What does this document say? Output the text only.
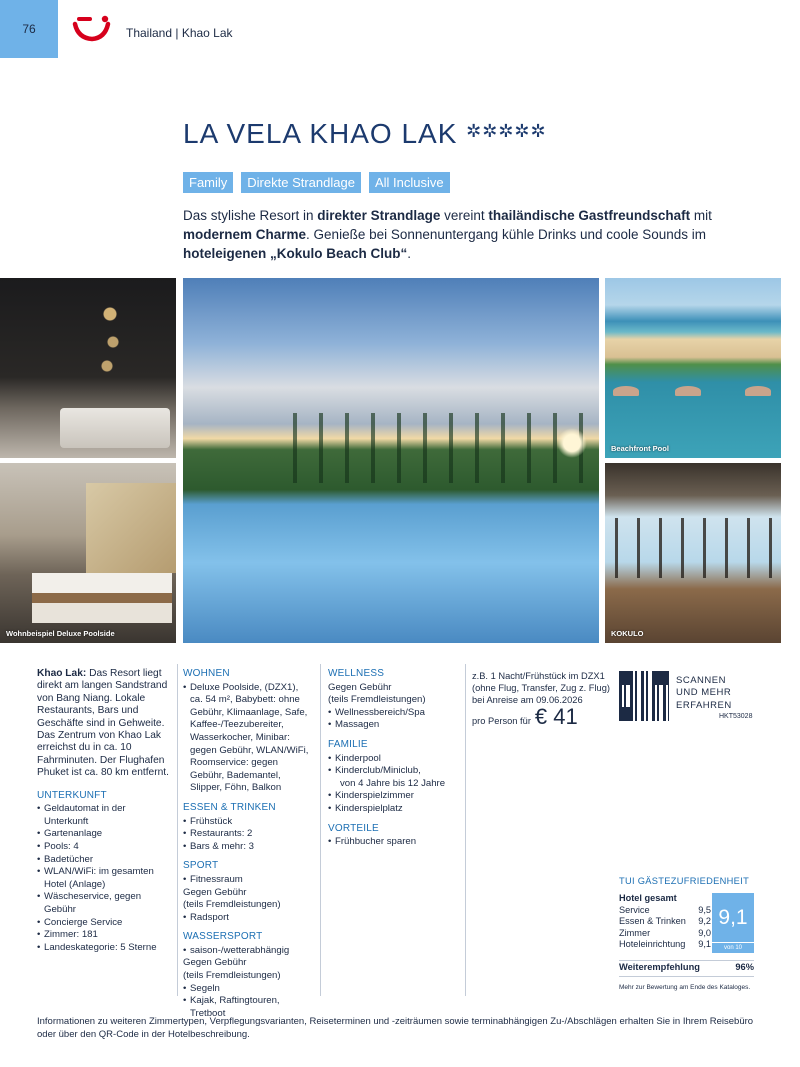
76	Thailand | Khao Lak
LA VELA KHAO LAK ✲✲✲✲✲
Family	Direkte Strandlage	All Inclusive

Das stylishe Resort in direkter Strandlage vereint thailändische Gastfreundschaft mit modernem Charme. Genieße bei Sonnenuntergang kühle Drinks und coole Sounds im hoteleigenen „Kokulo Beach Club“.

Wohnbeispiel Deluxe Poolside
Beachfront Pool
KOKULO

Khao Lak: Das Resort liegt direkt am langen Sandstrand von Bang Niang. Lokale Restaurants, Bars und Geschäfte sind in Gehweite. Das Zentrum von Khao Lak erreichst du in ca. 10 Fahrminuten. Der Flughafen Phuket ist ca. 80 km entfernt.

UNTERKUNFT
• Geldautomat in der Unterkunft
• Gartenanlage
• Pools: 4
• Badetücher
• WLAN/WiFi: im gesamten Hotel (Anlage)
• Wäscheservice, gegen Gebühr
• Concierge Service
• Zimmer: 181
• Landeskategorie: 5 Sterne
WOHNEN
• Deluxe Poolside, (DZX1), ca. 54 m², Babybett: ohne Gebühr, Klimaanlage, Safe, Kaffee-/Teezubereiter, Wasserkocher, Minibar: gegen Gebühr, WLAN/WiFi, Roomservice: gegen Gebühr, Bademantel, Slipper, Föhn, Balkon
ESSEN & TRINKEN
• Frühstück
• Restaurants: 2
• Bars & mehr: 3
SPORT
• Fitnessraum
Gegen Gebühr
(teils Fremdleistungen)
• Radsport
WASSERSPORT
• saison-/wetterabhängig
Gegen Gebühr
(teils Fremdleistungen)
• Segeln
• Kajak, Raftingtouren, Tretboot
WELLNESS
Gegen Gebühr
(teils Fremdleistungen)
• Wellnessbereich/Spa
• Massagen
FAMILIE
• Kinderpool
• Kinderclub/Miniclub,
von 4 Jahre bis 12 Jahre
• Kinderspielzimmer
• Kinderspielplatz
VORTEILE
• Frühbucher sparen
z.B. 1 Nacht/Frühstück im DZX1
(ohne Flug, Transfer, Zug z. Flug)
bei Anreise am 09.06.2026
pro Person für € 41
SCANNEN
UND MEHR
ERFAHREN
HKT53028
TUI GÄSTEZUFRIEDENHEIT
Hotel gesamt
Service	9,5
Essen & Trinken 9,2
Zimmer	9,0
Hoteleinrichtung 9,1
9,1
von 10
Weiterempfehlung	96%
Mehr zur Bewertung am Ende des Kataloges.

Informationen zu weiteren Zimmertypen, Verpflegungsvarianten, Reiseterminen und -zeiträumen sowie terminabhängigen Zu-/Abschlägen erhalten Sie in Ihrem Reisebüro oder über den QR-Code in der Hotelbeschreibung.
